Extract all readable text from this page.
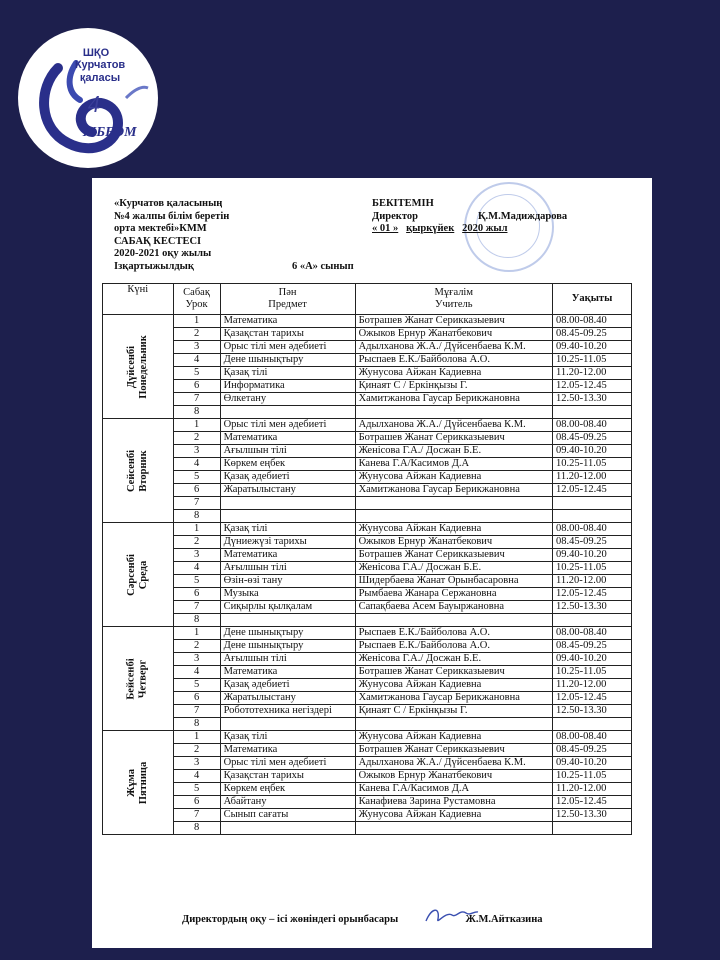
ШҚО
Курчатов
қаласы
4
ЖББОМ
«Курчатов қаласының
№4 жалпы білім беретін
орта мектебі»КММ
САБАҚ КЕСТЕСІ
2020-2021 оқу жылы
Ізқартыжылдық	6 «А» сынып
БЕКІТЕМІН
Директор	Қ.М.Мадиждарова
« 01 » қыркүйек 2020 жыл
Күні	Сабақ
Урок	Пән
Предмет	Мұғалім
Учитель	Уақыты
Дүйсенбі
Понедельник	1	Математика	Ботрашев Жанат Серикказыевич	08.00-08.40
	2	Қазақстан тарихы	Ожыков Ернур Жанатбекович	08.45-09.25
	3	Орыс тілі мен әдебиеті	Адылханова Ж.А./ Дүйсенбаева К.М.	09.40-10.20
	4	Дене шынықтыру	Рыспаев Е.К./Байболова А.О.	10.25-11.05
	5	Қазақ тілі	Жунусова Айжан Кадиевна	11.20-12.00
	6	Информатика	Қинаят С / Еркінқызы Г.	12.05-12.45
	7	Өлкетану	Хамитжанова Гаусар Берикжановна	12.50-13.30
	8			
Сейсенбі
Вторник	1	Орыс тілі мен әдебиеті	Адылханова Ж.А./ Дүйсенбаева К.М.	08.00-08.40
	2	Математика	Ботрашев Жанат Серикказыевич	08.45-09.25
	3	Ағылшын тілі	Женісова Г.А./ Досжан Б.Е.	09.40-10.20
	4	Көркем еңбек	Канева Г.А/Касимов Д.А	10.25-11.05
	5	Қазақ әдебиеті	Жунусова Айжан Кадиевна	11.20-12.00
	6	Жаратылыстану	Хамитжанова Гаусар Берикжановна	12.05-12.45
	7			
	8			
Сәрсенбі
Среда	1	Қазақ тілі	Жунусова Айжан Кадиевна	08.00-08.40
	2	Дүниежүзі тарихы	Ожыков Ернур Жанатбекович	08.45-09.25
	3	Математика	Ботрашев Жанат Серикказыевич	09.40-10.20
	4	Ағылшын тілі	Женісова Г.А./ Досжан Б.Е.	10.25-11.05
	5	Өзін-өзі тану	Шидербаева Жанат Орынбасаровна	11.20-12.00
	6	Музыка	Рымбаева Жанара Сержановна	12.05-12.45
	7	Сиқырлы қылқалам	Сапақбаева Асем Бауыржановна	12.50-13.30
	8			
Бейсенбі
Четверг	1	Дене шынықтыру	Рыспаев Е.К./Байболова А.О.	08.00-08.40
	2	Дене шынықтыру	Рыспаев Е.К./Байболова А.О.	08.45-09.25
	3	Ағылшын тілі	Женісова Г.А./ Досжан Б.Е.	09.40-10.20
	4	Математика	Ботрашев Жанат Серикказыевич	10.25-11.05
	5	Қазақ әдебиеті	Жунусова Айжан Кадиевна	11.20-12.00
	6	Жаратылыстану	Хамитжанова Гаусар Берикжановна	12.05-12.45
	7	Робототехника негіздері	Қинаят С / Еркінқызы Г.	12.50-13.30
	8			
Жұма
Пятница	1	Қазақ тілі	Жунусова Айжан Кадиевна	08.00-08.40
	2	Математика	Ботрашев Жанат Серикказыевич	08.45-09.25
	3	Орыс тілі мен әдебиеті	Адылханова Ж.А./ Дүйсенбаева К.М.	09.40-10.20
	4	Қазақстан тарихы	Ожыков Ернур Жанатбекович	10.25-11.05
	5	Көркем еңбек	Канева Г.А/Касимов Д.А	11.20-12.00
	6	Абайтану	Канафиева Зарина Рустамовна	12.05-12.45
	7	Сынып сағаты	Жунусова Айжан Кадиевна	12.50-13.30
	8			
Директордың оқу – ісі жөніндегі орынбасары	Ж.М.Айтказина
